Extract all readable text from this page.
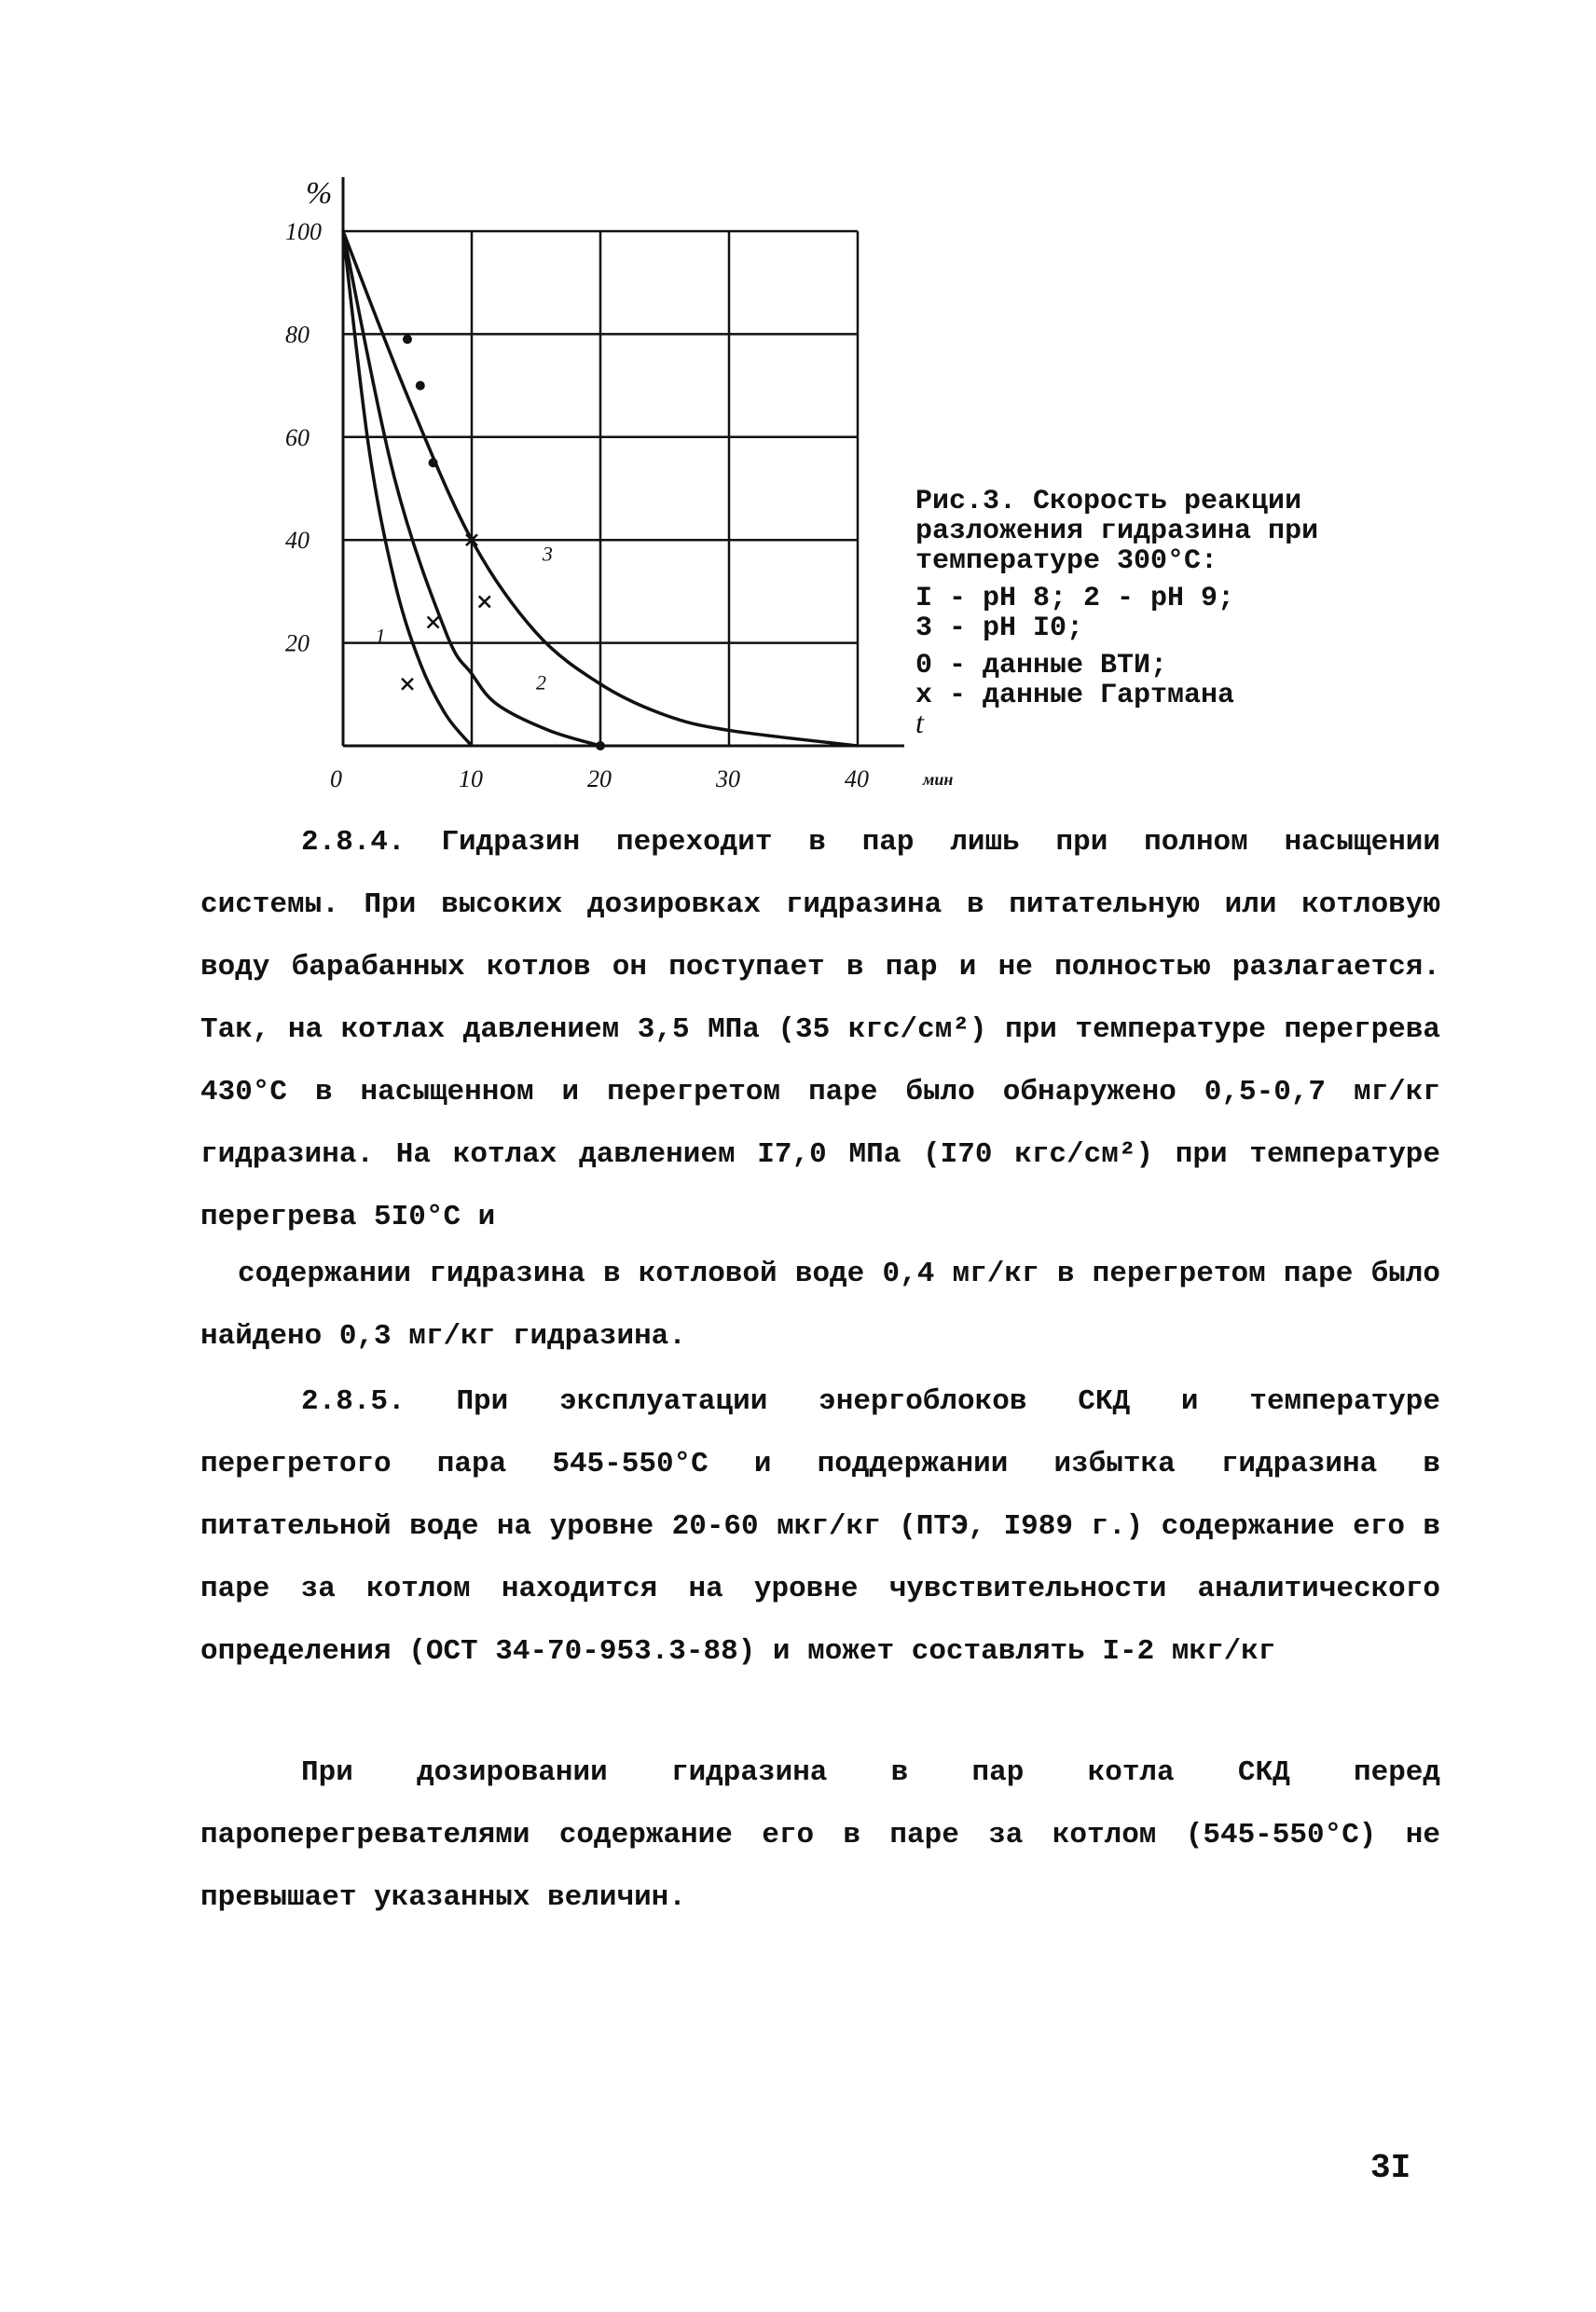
20
40
60
80
100
0	10	20	30	40
%
t
мин
1
2
3

Рис.3. Скорость реакции разложения гидразина при температуре 300°С:

I - рН 8; 2 - рН 9;

3 - рН I0;

0 - данные ВТИ;

х - данные Гартмана

2.8.4. Гидразин переходит в пар лишь при полном насыщении системы. При высоких дозировках гидразина в питательную или котловую воду барабанных котлов он поступает в пар и не полностью разлагается. Так, на котлах давлением 3,5 МПа (35 кгс/см²) при температуре перегрева 430°С в насыщенном и перегретом паре было обнаружено 0,5-0,7 мг/кг гидразина. На котлах давлением I7,0 МПа (I70 кгс/см²) при температуре перегрева 5I0°С и

содержании гидразина в котловой воде 0,4 мг/кг в перегретом паре было найдено 0,3 мг/кг гидразина.

2.8.5. При эксплуатации энергоблоков СКД и температуре перегретого пара 545-550°С и поддержании избытка гидразина в питательной воде на уровне 20-60 мкг/кг (ПТЭ, I989 г.) содержание его в паре за котлом находится на уровне чувствительности аналитического определения (ОСТ 34-70-953.3-88) и может составлять I-2 мкг/кг

При дозировании гидразина в пар котла СКД перед пароперегревателями содержание его в паре за котлом (545-550°С) не превышает указанных величин.

3I
